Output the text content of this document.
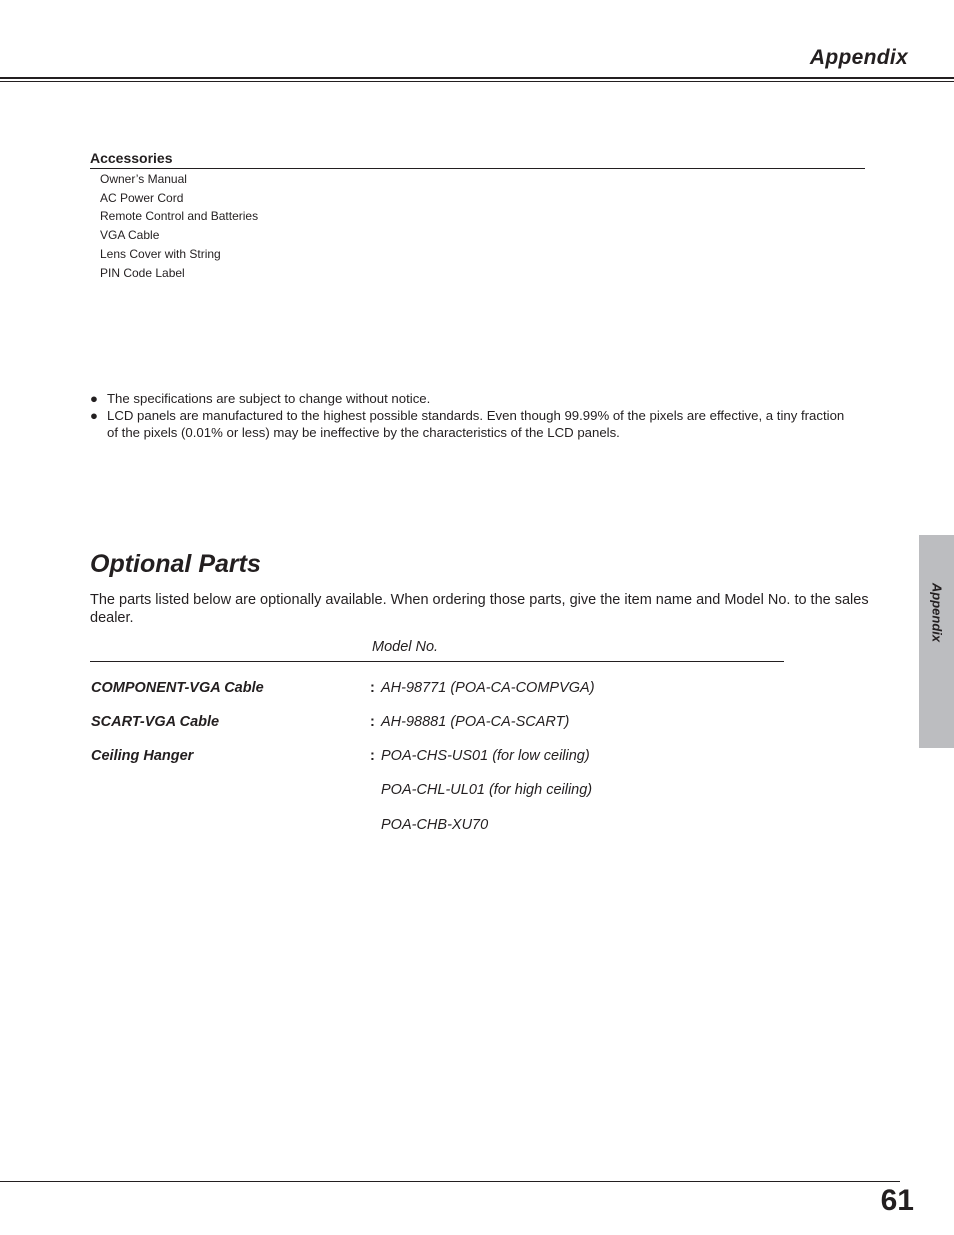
Appendix
Accessories
Owner’s Manual
AC Power Cord
Remote Control and Batteries
VGA Cable
Lens Cover with String
PIN Code Label
● The specifications are subject to change without notice.
● LCD panels are manufactured to the highest possible standards. Even though 99.99% of the pixels are effective, a tiny fraction of the pixels (0.01% or less) may be ineffective by the characteristics of the LCD panels.
Optional Parts
The parts listed below are optionally available. When ordering those parts, give the item name and Model No. to the sales dealer.
Model No.
COMPONENT-VGA Cable	: AH-98771 (POA-CA-COMPVGA)
SCART-VGA Cable	: AH-98881 (POA-CA-SCART)
Ceiling Hanger	: POA-CHS-US01 (for low ceiling)
POA-CHL-UL01 (for high ceiling)
POA-CHB-XU70
Appendix
61
